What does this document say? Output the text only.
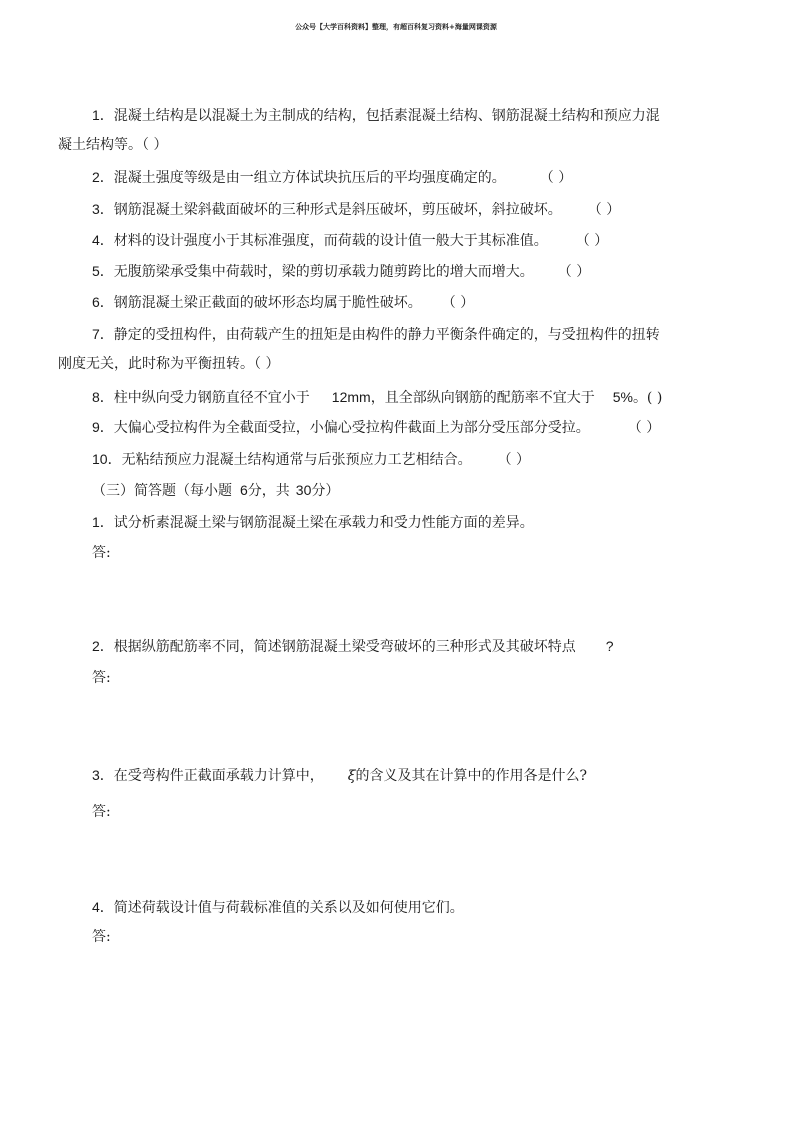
公众号【大学百科资料】整理，有超百科复习资料+海量网课资源
1．混凝土结构是以混凝土为主制成的结构，包括素混凝土结构、钢筋混凝土结构和预应力混
凝土结构等。（ ）
2．混凝土强度等级是由一组立方体试块抗压后的平均强度确定的。 （ ）
3．钢筋混凝土梁斜截面破坏的三种形式是斜压破坏，剪压破坏，斜拉破坏。 （ ）
4．材料的设计强度小于其标准强度，而荷载的设计值一般大于其标准值。 （ ）
5．无腹筋梁承受集中荷载时，梁的剪切承载力随剪跨比的增大而增大。 （ ）
6．钢筋混凝土梁正截面的破坏形态均属于脆性破坏。 （ ）
7．静定的受扭构件，由荷载产生的扭矩是由构件的静力平衡条件确定的，与受扭构件的扭转
刚度无关，此时称为平衡扭转。（ ）
8．柱中纵向受力钢筋直径不宜小于 12mm，且全部纵向钢筋的配筋率不宜大于 5%。( )
9．大偏心受拉构件为全截面受拉，小偏心受拉构件截面上为部分受压部分受拉。	（ ）
10．无粘结预应力混凝土结构通常与后张预应力工艺相结合。 （ ）
（三）简答题（每小题 6分，共 30分）
1．试分析素混凝土梁与钢筋混凝土梁在承载力和受力性能方面的差异。
答:
2．根据纵筋配筋率不同，简述钢筋混凝土梁受弯破坏的三种形式及其破坏特点 ?
答:
3．在受弯构件正截面承载力计算中， ξ的含义及其在计算中的作用各是什么?
答:
4．简述荷载设计值与荷载标准值的关系以及如何使用它们。
答:
